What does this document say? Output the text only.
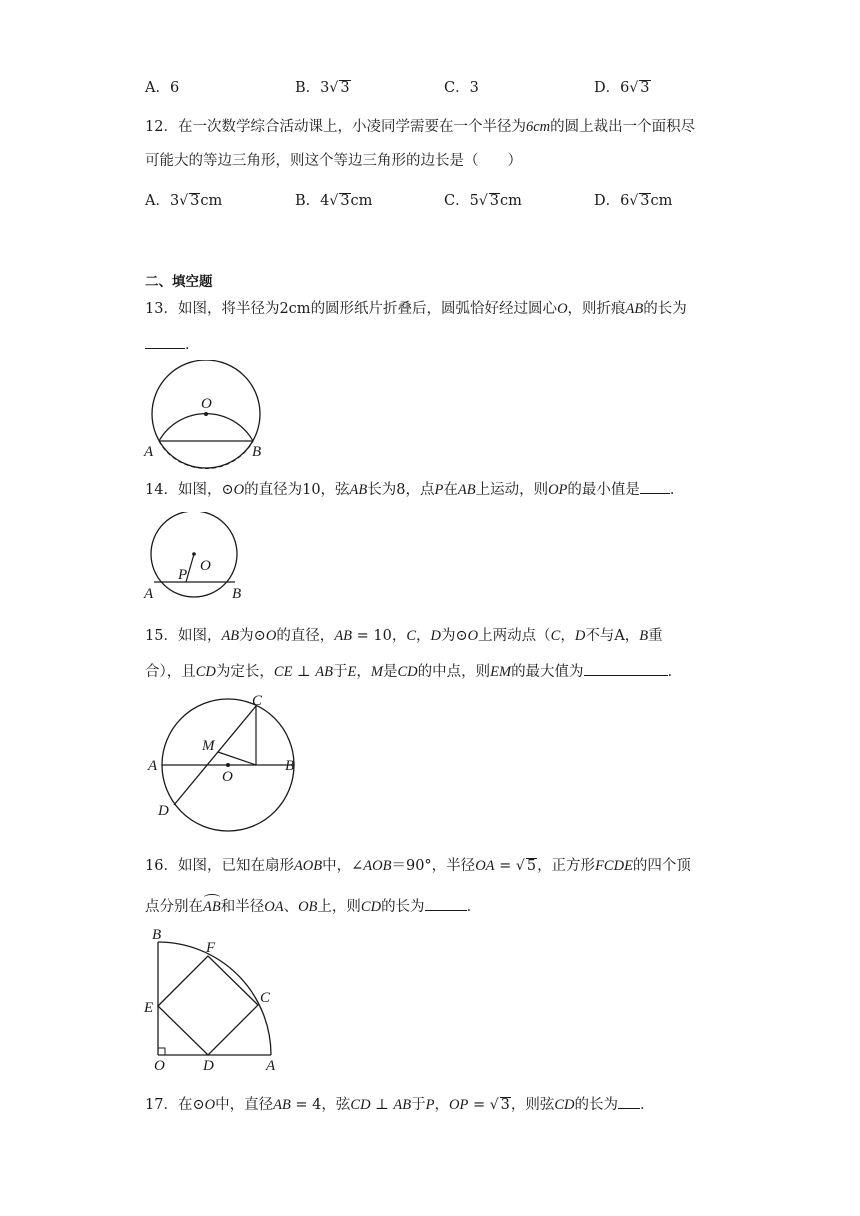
A．6	B．3√ 3	C．3	D．6√ 3
12．在一次数学综合活动课上，小凌同学需要在一个半径为6cm的圆上裁出一个面积尽
可能大的等边三角形，则这个等边三角形的边长是（　　）
A．3√ 3cm	B．4√ 3cm	C．5√ 3cm	D．6√ 3cm
二、填空题
13．如图，将半径为2cm的圆形纸片折叠后，圆弧恰好经过圆心O，则折痕AB的长为
．
O
A	B
14．如图，⊙O的直径为10，弦AB长为8，点P在AB上运动，则OP的最小值是 ．
O
P
A	B
15．如图，AB为⊙O的直径，AB = 10，C，D为⊙O上两动点（C，D不与A，B重
合），且CD为定长，CE ⊥ AB于E，M是CD的中点，则EM的最大值为	．
C
M
A
O
B
D
16．如图，已知在扇形AOB中，∠AOB＝90°，半径OA = √ 5，正方形FCDE的四个顶
点分别在AB和半径OA、OB上，则CD的长为	．
B
F
E
C
O	D	A
17．在⊙O中，直径AB = 4，弦CD ⊥ AB于P，OP = √ 3，则弦CD的长为 ．
